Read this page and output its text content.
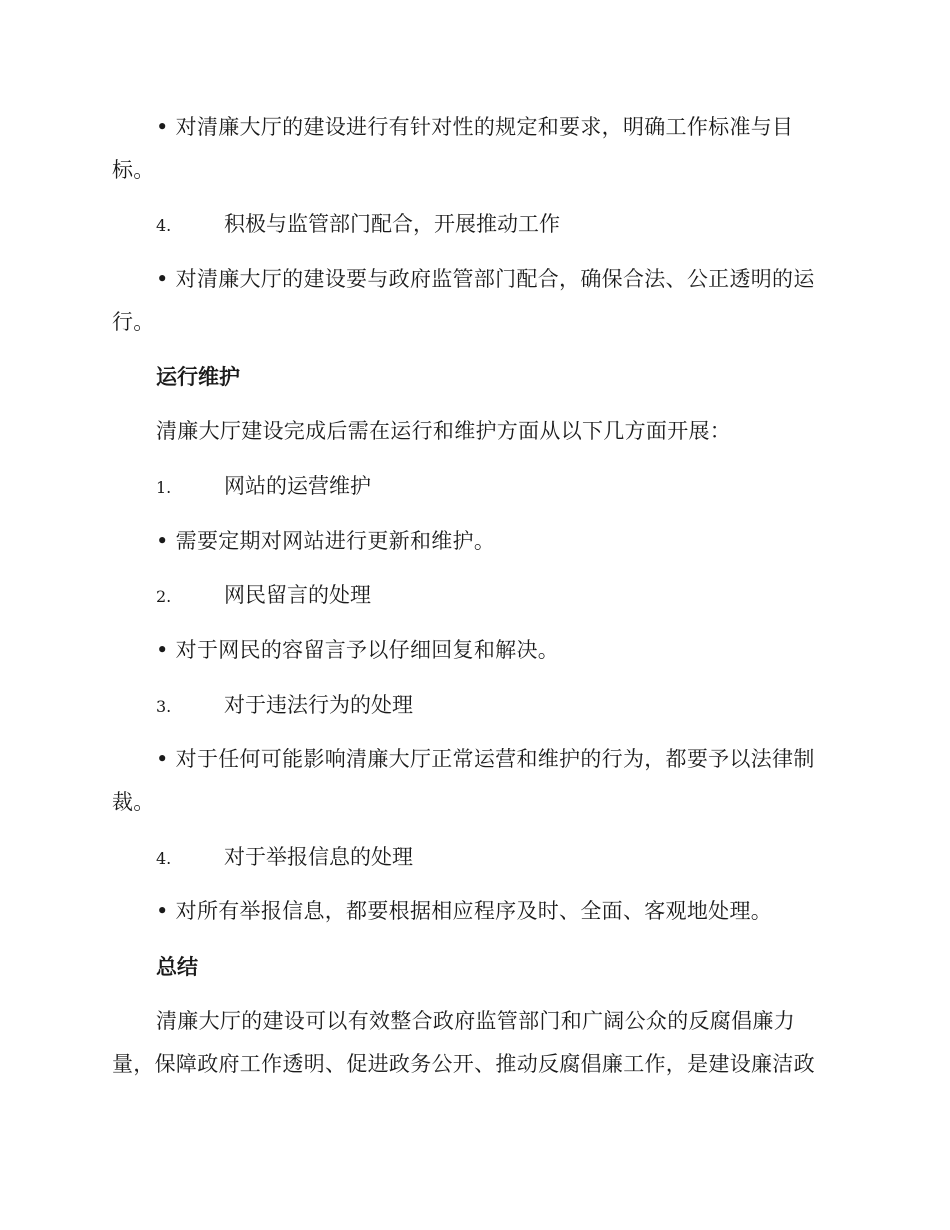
• 对清廉大厅的建设进行有针对性的规定和要求，明确工作标准与目标。

4.	积极与监管部门配合，开展推动工作

• 对清廉大厅的建设要与政府监管部门配合，确保合法、公正透明的运行。

运行维护

清廉大厅建设完成后需在运行和维护方面从以下几方面开展：

1.	网站的运营维护

• 需要定期对网站进行更新和维护。

2.	网民留言的处理

• 对于网民的容留言予以仔细回复和解决。

3.	对于违法行为的处理

• 对于任何可能影响清廉大厅正常运营和维护的行为，都要予以法律制裁。

4.	对于举报信息的处理

• 对所有举报信息，都要根据相应程序及时、全面、客观地处理。

总结

清廉大厅的建设可以有效整合政府监管部门和广阔公众的反腐倡廉力量，保障政府工作透明、促进政务公开、推动反腐倡廉工作，是建设廉洁政
